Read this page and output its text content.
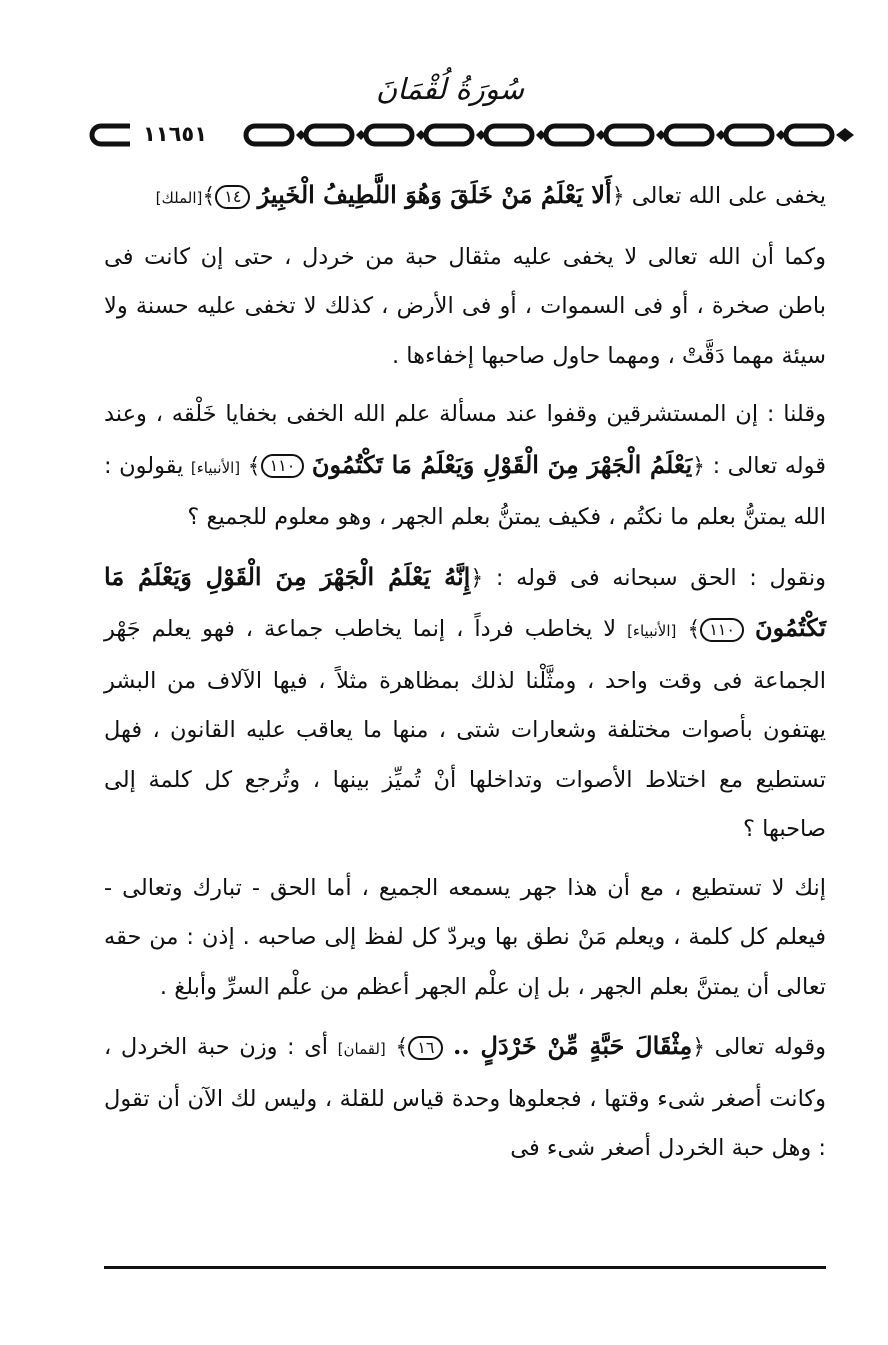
سُورَةُ لُقْمَانَ
١١٦٥١

يخفى على الله تعالى ﴿أَلا يَعْلَمُ مَنْ خَلَقَ وَهُوَ اللَّطِيفُ الْخَبِيرُ ١٤﴾[الملك]

وكما أن الله تعالى لا يخفى عليه مثقال حبة من خردل ، حتى إن كانت فى باطن صخرة ، أو فى السموات ، أو فى الأرض ، كذلك لا تخفى عليه حسنة ولا سيئة مهما دَقَّتْ ، ومهما حاول صاحبها إخفاءها .

وقلنا : إن المستشرقين وقفوا عند مسألة علم الله الخفى بخفايا خَلْقه ، وعند قوله تعالى : ﴿يَعْلَمُ الْجَهْرَ مِنَ الْقَوْلِ وَيَعْلَمُ مَا تَكْتُمُونَ ١١٠﴾ [الأنبياء] يقولون : الله يمتنُّ بعلم ما نكتُم ، فكيف يمتنُّ بعلم الجهر ، وهو معلوم للجميع ؟

ونقول : الحق سبحانه فى قوله : ﴿إِنَّهُ يَعْلَمُ الْجَهْرَ مِنَ الْقَوْلِ وَيَعْلَمُ مَا تَكْتُمُونَ ١١٠﴾ [الأنبياء] لا يخاطب فرداً ، إنما يخاطب جماعة ، فهو يعلم جَهْر الجماعة فى وقت واحد ، ومثَّلْنا لذلك بمظاهرة مثلاً ، فيها الآلاف من البشر يهتفون بأصوات مختلفة وشعارات شتى ، منها ما يعاقب عليه القانون ، فهل تستطيع مع اختلاط الأصوات وتداخلها أنْ تُميِّز بينها ، وتُرجع كل كلمة إلى صاحبها ؟

إنك لا تستطيع ، مع أن هذا جهر يسمعه الجميع ، أما الحق - تبارك وتعالى - فيعلم كل كلمة ، ويعلم مَنْ نطق بها ويردّ كل لفظ إلى صاحبه . إذن : من حقه تعالى أن يمتنَّ بعلم الجهر ، بل إن علْم الجهر أعظم من علْم السرِّ وأبلغ .

وقوله تعالى ﴿مِثْقَالَ حَبَّةٍ مِّنْ خَرْدَلٍ .. ١٦﴾ [لقمان] أى : وزن حبة الخردل ، وكانت أصغر شىء وقتها ، فجعلوها وحدة قياس للقلة ، وليس لك الآن أن تقول : وهل حبة الخردل أصغر شىء فى
